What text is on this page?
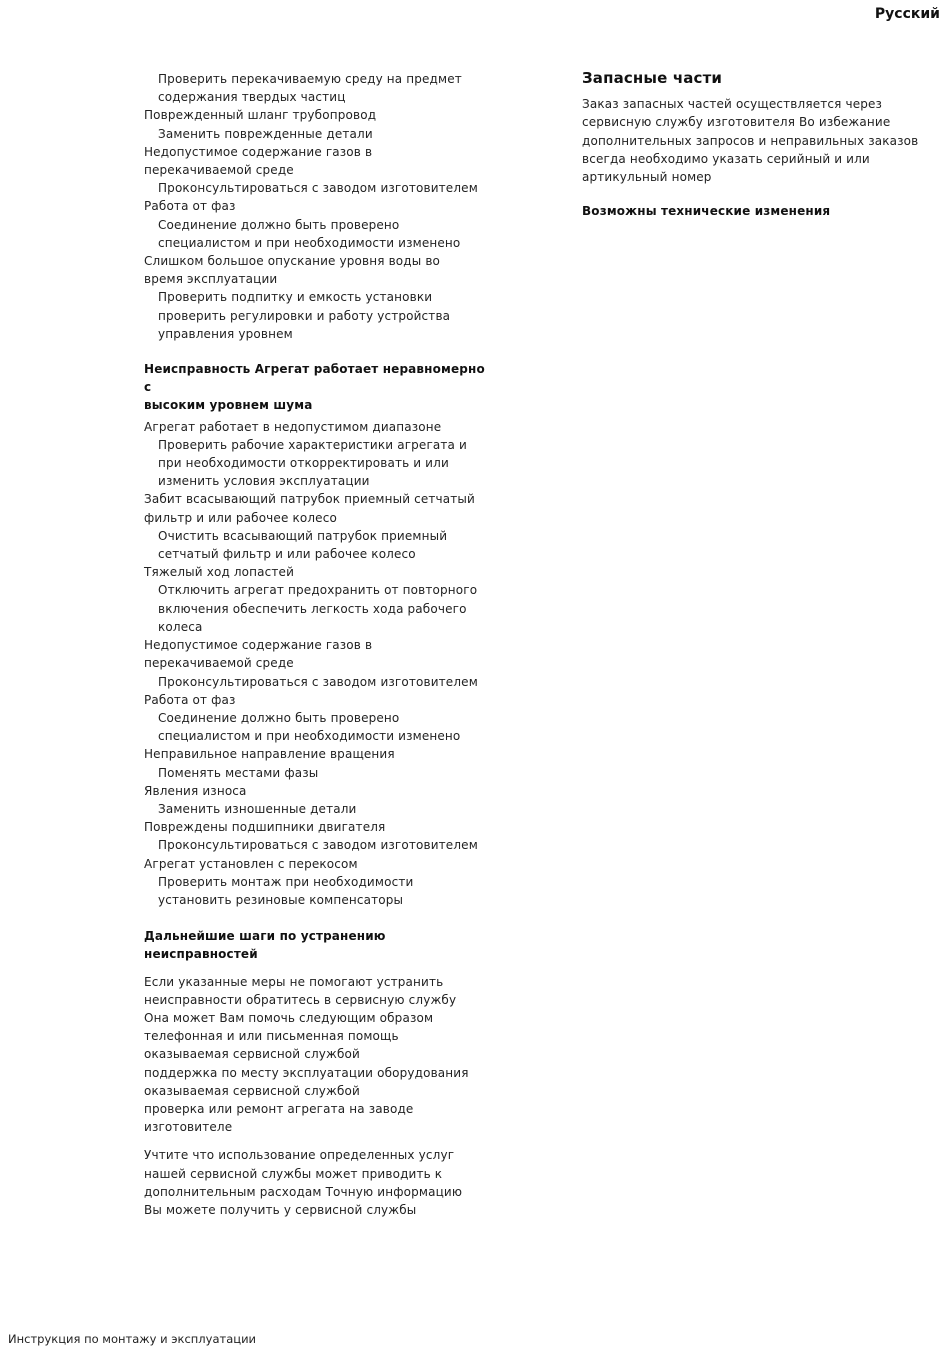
Русский
Проверить перекачиваемую среду на предмет
содержания твердых частиц
Поврежденный шланг трубопровод
Заменить поврежденные детали
Недопустимое содержание газов в
перекачиваемой среде
Проконсультироваться с заводом изготовителем
Работа от фаз
Соединение должно быть проверено
специалистом и при необходимости изменено
Слишком большое опускание уровня воды во
время эксплуатации
Проверить подпитку и емкость установки
проверить регулировки и работу устройства
управления уровнем
Неисправность Агрегат работает неравномерно с
высоким уровнем шума
Агрегат работает в недопустимом диапазоне
Проверить рабочие характеристики агрегата и
при необходимости откорректировать и или
изменить условия эксплуатации
Забит всасывающий патрубок приемный сетчатый
фильтр и или рабочее колесо
Очистить всасывающий патрубок приемный
сетчатый фильтр и или рабочее колесо
Тяжелый ход лопастей
Отключить агрегат предохранить от повторного
включения обеспечить легкость хода рабочего
колеса
Недопустимое содержание газов в
перекачиваемой среде
Проконсультироваться с заводом изготовителем
Работа от фаз
Соединение должно быть проверено
специалистом и при необходимости изменено
Неправильное направление вращения
Поменять местами фазы
Явления износа
Заменить изношенные детали
Повреждены подшипники двигателя
Проконсультироваться с заводом изготовителем
Агрегат установлен с перекосом
Проверить монтаж при необходимости
установить резиновые компенсаторы
Дальнейшие шаги по устранению неисправностей
Если указанные меры не помогают устранить
неисправности обратитесь в сервисную службу
Она может Вам помочь следующим образом
телефонная и или письменная помощь
оказываемая сервисной службой
поддержка по месту эксплуатации оборудования
оказываемая сервисной службой
проверка или ремонт агрегата на заводе
изготовителе
Учтите что использование определенных услуг
нашей сервисной службы может приводить к
дополнительным расходам Точную информацию
Вы можете получить у сервисной службы
Запасные части
Заказ запасных частей осуществляется через
сервисную службу изготовителя Во избежание
дополнительных запросов и неправильных заказов
всегда необходимо указать серийный и или
артикульный номер
Возможны технические изменения
Инструкция по монтажу и эксплуатации
